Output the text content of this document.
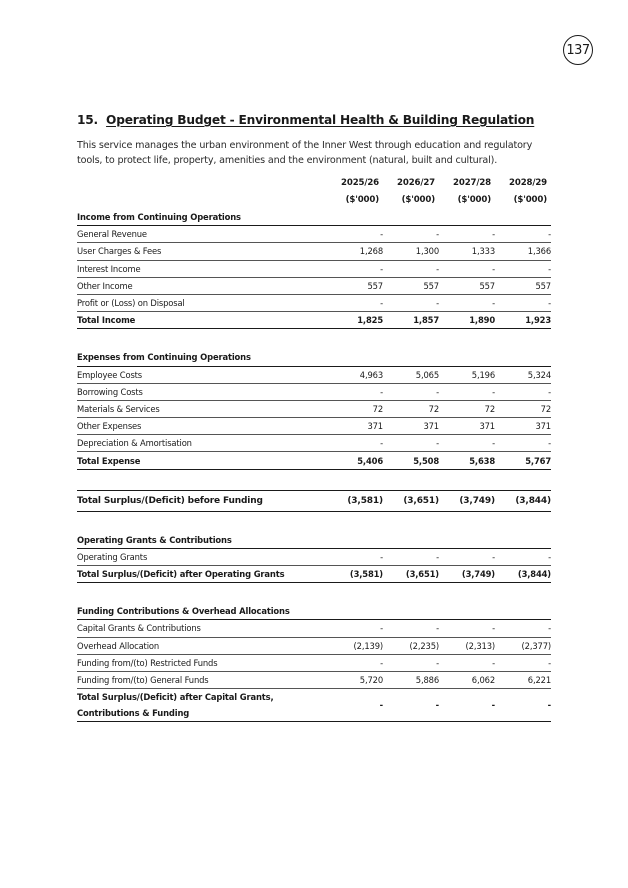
137
15. Operating Budget - Environmental Health & Building Regulation
This service manages the urban environment of the Inner West through education and regulatory tools, to protect life, property, amenities and the environment (natural, built and cultural).
	2025/26	2026/27	2027/28	2028/29
	($'000)	($'000)	($'000)	($'000)
Income from Continuing Operations				
General Revenue	-	-	-	-
User Charges & Fees	1,268	1,300	1,333	1,366
Interest Income	-	-	-	-
Other Income	557	557	557	557
Profit or (Loss) on Disposal	-	-	-	-
Total Income	1,825	1,857	1,890	1,923

Expenses from Continuing Operations				
Employee Costs	4,963	5,065	5,196	5,324
Borrowing Costs	-	-	-	-
Materials & Services	72	72	72	72
Other Expenses	371	371	371	371
Depreciation & Amortisation	-	-	-	-
Total Expense	5,406	5,508	5,638	5,767

Total Surplus/(Deficit) before Funding	(3,581)	(3,651)	(3,749)	(3,844)

Operating Grants & Contributions				
Operating Grants	-	-	-	-
Total Surplus/(Deficit) after Operating Grants	(3,581)	(3,651)	(3,749)	(3,844)

Funding Contributions & Overhead Allocations				
Capital Grants & Contributions	-	-	-	-
Overhead Allocation	(2,139)	(2,235)	(2,313)	(2,377)
Funding from/(to) Restricted Funds	-	-	-	-
Funding from/(to) General Funds	5,720	5,886	6,062	6,221

Total Surplus/(Deficit) after Capital Grants,
Contributions & Funding	-	-	-	-
